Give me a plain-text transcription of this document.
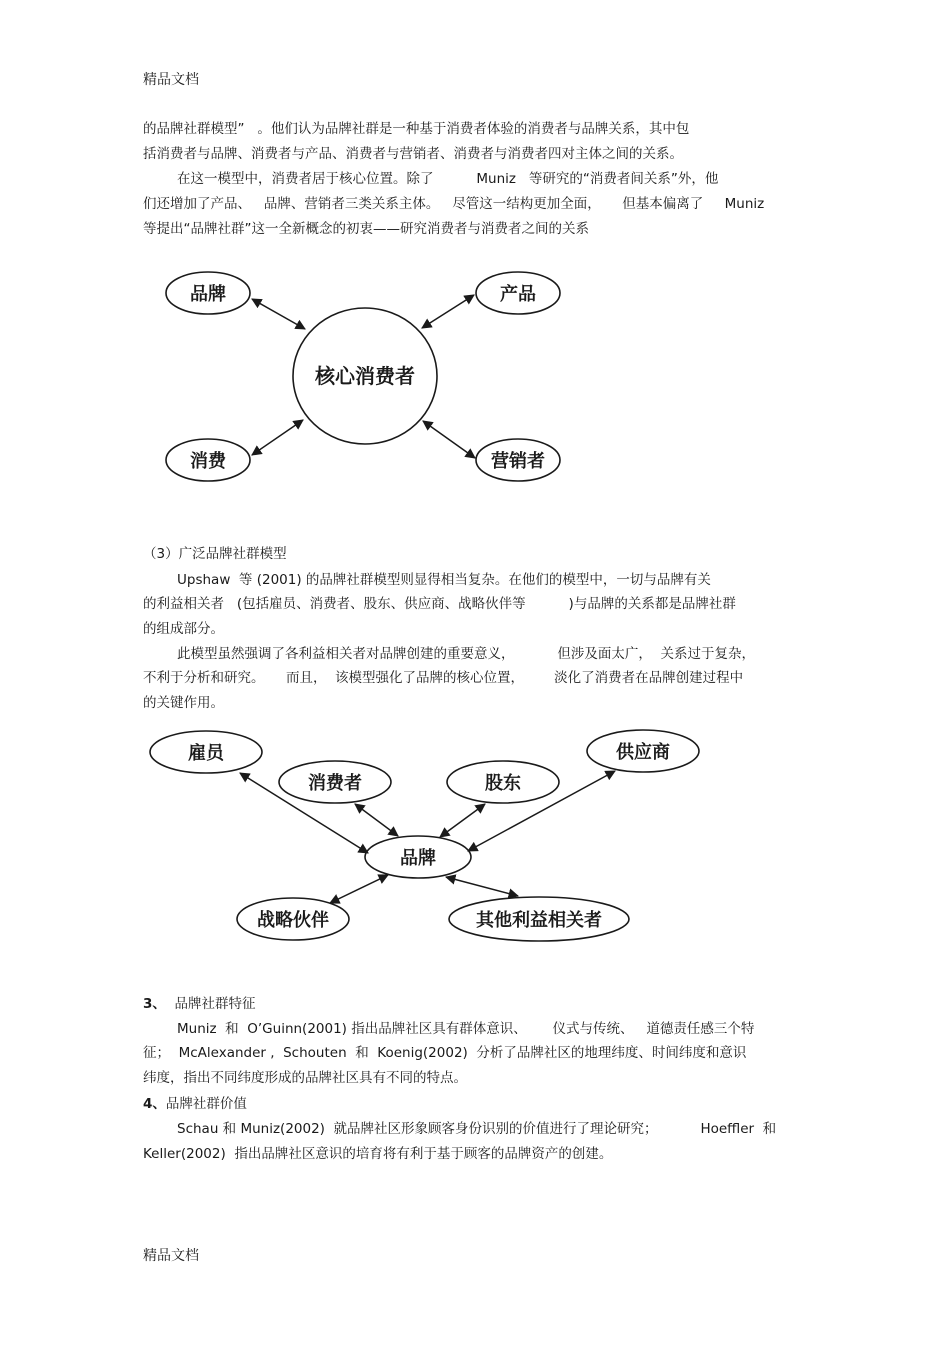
精品文档
的品牌社群模型”   。他们认为品牌社群是一种基于消费者体验的消费者与品牌关系，其中包
括消费者与品牌、消费者与产品、消费者与营销者、消费者与消费者四对主体之间的关系。
在这一模型中，消费者居于核心位置。除了          Muniz   等研究的“消费者间关系”外，他
们还增加了产品、   品牌、营销者三类关系主体。   尽管这一结构更加全面，     但基本偏离了     Muniz
等提出“品牌社群”这一全新概念的初衷——研究消费者与消费者之间的关系
核心消费者
品牌	产品
消费	营销者
（3）广泛品牌社群模型
Upshaw  等 (2001) 的品牌社群模型则显得相当复杂。在他们的模型中，一切与品牌有关
的利益相关者   (包括雇员、消费者、股东、供应商、战略伙伴等          )与品牌的关系都是品牌社群
的组成部分。
此模型虽然强调了各利益相关者对品牌创建的重要意义，          但涉及面太广，  关系过于复杂，
不利于分析和研究。     而且，  该模型强化了品牌的核心位置，       淡化了消费者在品牌创建过程中
的关键作用。
品牌
雇员
消费者	股东
供应商
战略伙伴	其他利益相关者
3、  品牌社群特征
Muniz  和  O’Guinn(2001) 指出品牌社区具有群体意识、      仪式与传统、   道德责任感三个特
征；  McAlexander ,  Schouten  和  Koenig(2002)  分析了品牌社区的地理纬度、时间纬度和意识
纬度，指出不同纬度形成的品牌社区具有不同的特点。
4、品牌社群价值
Schau 和 Muniz(2002)  就品牌社区形象顾客身份识别的价值进行了理论研究；          Hoeffler  和
Keller(2002)  指出品牌社区意识的培育将有利于基于顾客的品牌资产的创建。
精品文档
